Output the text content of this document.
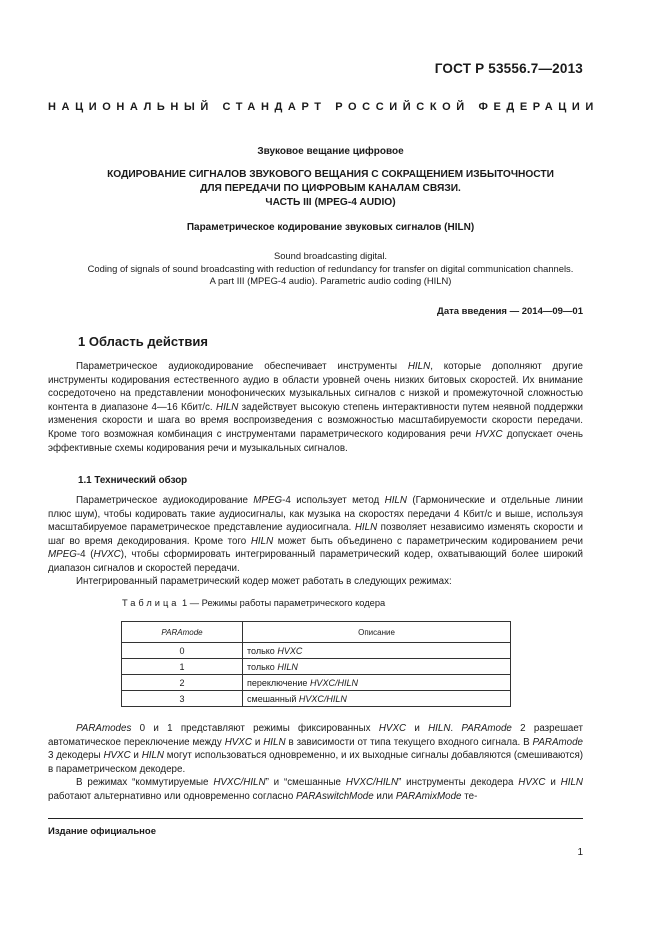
ГОСТ Р 53556.7—2013
НАЦИОНАЛЬНЫЙ СТАНДАРТ РОССИЙСКОЙ ФЕДЕРАЦИИ
Звуковое вещание цифровое
КОДИРОВАНИЕ СИГНАЛОВ ЗВУКОВОГО ВЕЩАНИЯ С СОКРАЩЕНИЕМ ИЗБЫТОЧНОСТИ
ДЛЯ ПЕРЕДАЧИ ПО ЦИФРОВЫМ КАНАЛАМ СВЯЗИ.
ЧАСТЬ III (MPEG-4 AUDIO)
Параметрическое кодирование звуковых сигналов (HILN)
Sound broadcasting digital.
Coding of signals of sound broadcasting with reduction of redundancy for transfer on digital communication channels.
A part III (MPEG-4 audio). Parametric audio coding (HILN)
Дата введения — 2014—09—01
1 Область действия

Параметрическое аудиокодирование обеспечивает инструменты HILN, которые дополняют другие инструменты кодирования естественного аудио в области уровней очень низких битовых скоростей. Их внимание сосредоточено на представлении монофонических музыкальных сигналов с низкой и промежуточной сложностью контента в диапазоне 4—16 Кбит/с. HILN задействует высокую степень интерактивности путем неявной поддержки изменения скорости и шага во время воспроизведения с возможностью масштабируемости скорости передачи. Кроме того возможная комбинация с инструментами параметрического кодирования речи HVXC допускает очень эффективные схемы кодирования речи и музыкальных сигналов.

1.1 Технический обзор

Параметрическое аудиокодирование MPEG-4 использует метод HILN (Гармонические и отдельные линии плюс шум), чтобы кодировать такие аудиосигналы, как музыка на скоростях передачи 4 Кбит/с и выше, используя масштабируемое параметрическое представление аудиосигнала. HILN позволяет независимо изменять скорости и шаг во время декодирования. Кроме того HILN может быть объединено с параметрическим кодированием речи MPEG-4 (HVXC), чтобы сформировать интегрированный параметрический кодер, охватывающий более широкий диапазон сигналов и скоростей передачи.

Интегрированный параметрический кодер может работать в следующих режимах:

Таблица 1 — Режимы работы параметрического кодера
PARAmode	Описание
0	только HVXC
1	только HILN
2	переключение HVXC/HILN
3	смешанный HVXC/HILN

PARAmodes 0 и 1 представляют режимы фиксированных HVXC и HILN. PARAmode 2 разрешает автоматическое переключение между HVXC и HILN в зависимости от типа текущего входного сигнала. В PARAmode 3 декодеры HVXC и HILN могут использоваться одновременно, и их выходные сигналы добавляются (смешиваются) в параметрическом декодере.

В режимах “коммутируемые HVXC/HILN” и “смешанные HVXC/HILN” инструменты декодера HVXC и HILN работают альтернативно или одновременно согласно PARAswitchMode или PARAmixMode те-

Издание официальное
1
